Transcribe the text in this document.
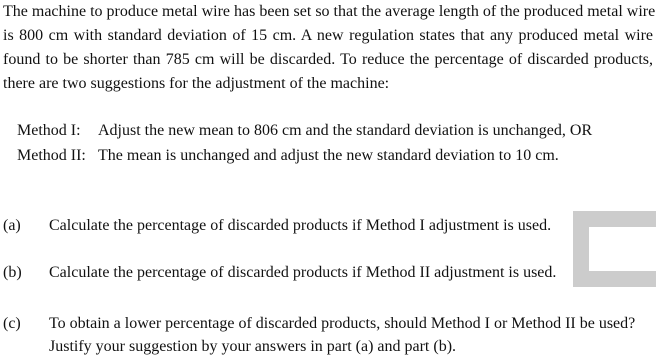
The machine to produce metal wire has been set so that the average length of the produced metal wire
is 800 cm with standard deviation of 15 cm. A new regulation states that any produced metal wire
found to be shorter than 785 cm will be discarded. To reduce the percentage of discarded products,
there are two suggestions for the adjustment of the machine:
Method I: Adjust the new mean to 806 cm and the standard deviation is unchanged, OR
Method II: The mean is unchanged and adjust the new standard deviation to 10 cm.
(a) Calculate the percentage of discarded products if Method I adjustment is used.
(b) Calculate the percentage of discarded products if Method II adjustment is used.
(c) To obtain a lower percentage of discarded products, should Method I or Method II be used?
Justify your suggestion by your answers in part (a) and part (b).
